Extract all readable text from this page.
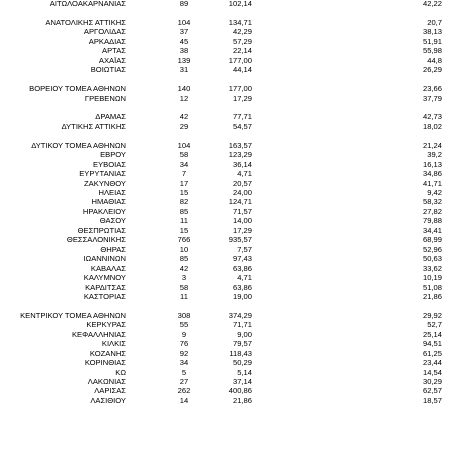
ΑΙΤΩΛΟΑΚΑΡΝΑΝΙΑΣ	89	102,14	42,22
ΑΝΑΤΟΛΙΚΗΣ ΑΤΤΙΚΗΣ	104	134,71	20,7
ΑΡΓΟΛΙΔΑΣ	37	42,29	38,13
ΑΡΚΑΔΙΑΣ	45	57,29	51,91
ΑΡΤΑΣ	38	22,14	55,98
ΑΧΑΪΑΣ	139	177,00	44,8
ΒΟΙΩΤΙΑΣ	31	44,14	26,29
ΒΟΡΕΙΟΥ ΤΟΜΕΑ ΑΘΗΝΩΝ	140	177,00	23,66
ΓΡΕΒΕΝΩΝ	12	17,29	37,79
ΔΡΑΜΑΣ	42	77,71	42,73
ΔΥΤΙΚΗΣ ΑΤΤΙΚΗΣ	29	54,57	18,02
ΔΥΤΙΚΟΥ ΤΟΜΕΑ ΑΘΗΝΩΝ	104	163,57	21,24
ΕΒΡΟΥ	58	123,29	39,2
ΕΥΒΟΙΑΣ	34	36,14	16,13
ΕΥΡΥΤΑΝΙΑΣ	7	4,71	34,86
ΖΑΚΥΝΘΟΥ	17	20,57	41,71
ΗΛΕΙΑΣ	15	24,00	9,42
ΗΜΑΘΙΑΣ	82	124,71	58,32
ΗΡΑΚΛΕΙΟΥ	85	71,57	27,82
ΘΑΣΟΥ	11	14,00	79,88
ΘΕΣΠΡΩΤΙΑΣ	15	17,29	34,41
ΘΕΣΣΑΛΟΝΙΚΗΣ	766	935,57	68,99
ΘΗΡΑΣ	10	7,57	52,96
ΙΩΑΝΝΙΝΩΝ	85	97,43	50,63
ΚΑΒΑΛΑΣ	42	63,86	33,62
ΚΑΛΥΜΝΟΥ	3	4,71	10,19
ΚΑΡΔΙΤΣΑΣ	58	63,86	51,08
ΚΑΣΤΟΡΙΑΣ	11	19,00	21,86
ΚΕΝΤΡΙΚΟΥ ΤΟΜΕΑ ΑΘΗΝΩΝ	308	374,29	29,92
ΚΕΡΚΥΡΑΣ	55	71,71	52,7
ΚΕΦΑΛΛΗΝΙΑΣ	9	9,00	25,14
ΚΙΛΚΙΣ	76	79,57	94,51
ΚΟΖΑΝΗΣ	92	118,43	61,25
ΚΟΡΙΝΘΙΑΣ	34	50,29	23,44
ΚΩ	5	5,14	14,54
ΛΑΚΩΝΙΑΣ	27	37,14	30,29
ΛΑΡΙΣΑΣ	262	400,86	62,57
ΛΑΣΙΘΙΟΥ	14	21,86	18,57
